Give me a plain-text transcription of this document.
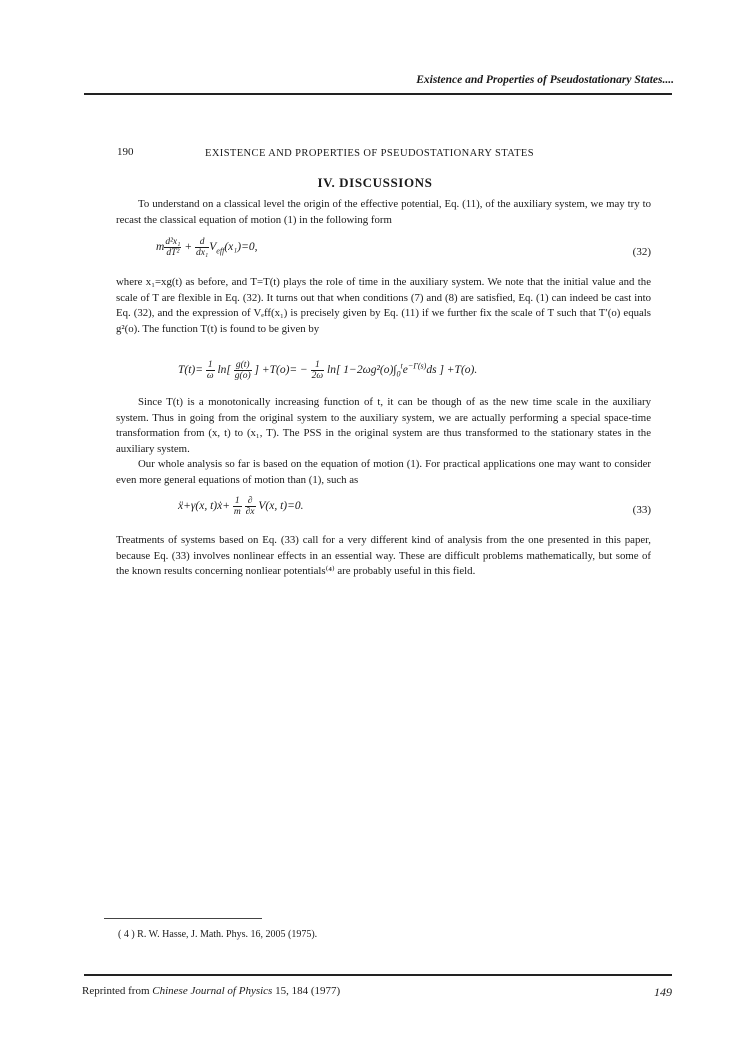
Existence and Properties of Pseudostationary States....
190	EXISTENCE AND PROPERTIES OF PSEUDOSTATIONARY STATES
IV. DISCUSSIONS

To understand on a classical level the origin of the effective potential, Eq. (11), of the auxiliary system, we may try to recast the classical equation of motion (1) in the following form

m $\frac{\text{d²x₁}}{\text{dT²}} + \frac{d}{\text{dx₁}} V_{eff}(x_1)=0$,	(32)

where x₁=xg(t) as before, and T=T(t) plays the role of time in the auxiliary system. We note that the initial value and the scale of T are flexible in Eq. (32). It turns out that when conditions (7) and (8) are satisfied, Eq. (1) can indeed be cast into Eq. (32), and the expression of Vₑff(x₁) is precisely given by Eq. (11) if we further fix the scale of T such that T′(o) equals g²(o). The function T(t) is found to be given by

$T(t)= \frac{1}{\omega} \ln[ \frac{g(t)}{g(o)}$ ] $+T(o)= - \frac{1}{2\omega} \ln$[ $1-2\omega g^2(o)\int_0^te^{-\Gamma(s)}ds$ ] +T(o).

Since T(t) is a monotonically increasing function of t, it can be though of as the new time scale in the auxiliary system. Thus in going from the original system to the auxiliary system, we are actually performing a special space-time transformation from (x, t) to (x₁, T). The PSS in the original system are thus transformed to the stationary states in the auxiliary system.

Our whole analysis so far is based on the equation of motion (1). For practical applications one may want to consider even more general equations of motion than (1), such as

ẍ+γ(x, t)ẋ+ $\frac{1}{m}$
$\frac{\partial}{\partial x} V(x$, t)=0.	(33)

Treatments of systems based on Eq. (33) call for a very different kind of analysis from the one presented in this paper, because Eq. (33) involves nonlinear effects in an essential way. These are difficult problems mathematically, but some of the known results concerning nonliear potentials⁽⁴⁾ are probably useful in this field.

( 4 ) R. W. Hasse, J. Math. Phys. 16, 2005 (1975).
Reprinted from Chinese Journal of Physics 15, 184 (1977)	149
